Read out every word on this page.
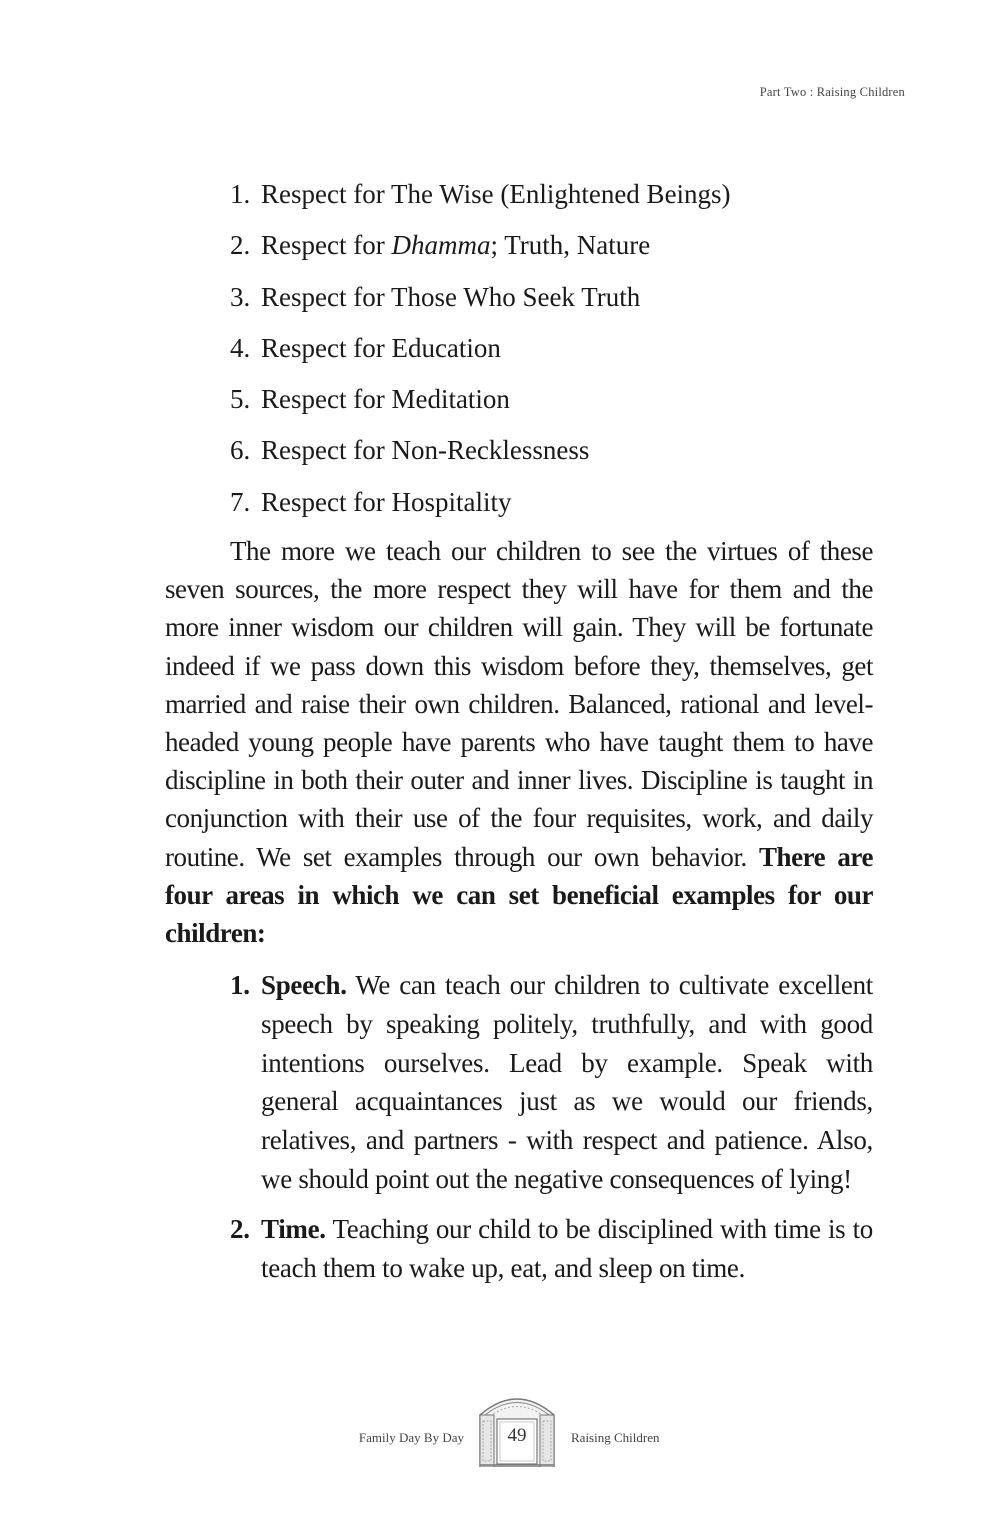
Part Two : Raising Children
1. Respect for The Wise (Enlightened Beings)
2. Respect for Dhamma; Truth, Nature
3. Respect for Those Who Seek Truth
4. Respect for Education
5. Respect for Meditation
6. Respect for Non-Recklessness
7. Respect for Hospitality

The more we teach our children to see the virtues of these seven sources, the more respect they will have for them and the more inner wisdom our children will gain. They will be fortunate indeed if we pass down this wisdom before they, themselves, get married and raise their own children. Balanced, rational and level-headed young people have parents who have taught them to have discipline in both their outer and inner lives. Discipline is taught in conjunction with their use of the four requisites, work, and daily routine. We set examples through our own behavior. There are four areas in which we can set beneficial examples for our children:

1. Speech. We can teach our children to cultivate excellent speech by speaking politely, truthfully, and with good intentions ourselves. Lead by example. Speak with general acquaintances just as we would our friends, relatives, and partners - with respect and patience. Also, we should point out the negative consequences of lying!
2. Time. Teaching our child to be disciplined with time is to teach them to wake up, eat, and sleep on time.
Family Day By Day	49	Raising Children
